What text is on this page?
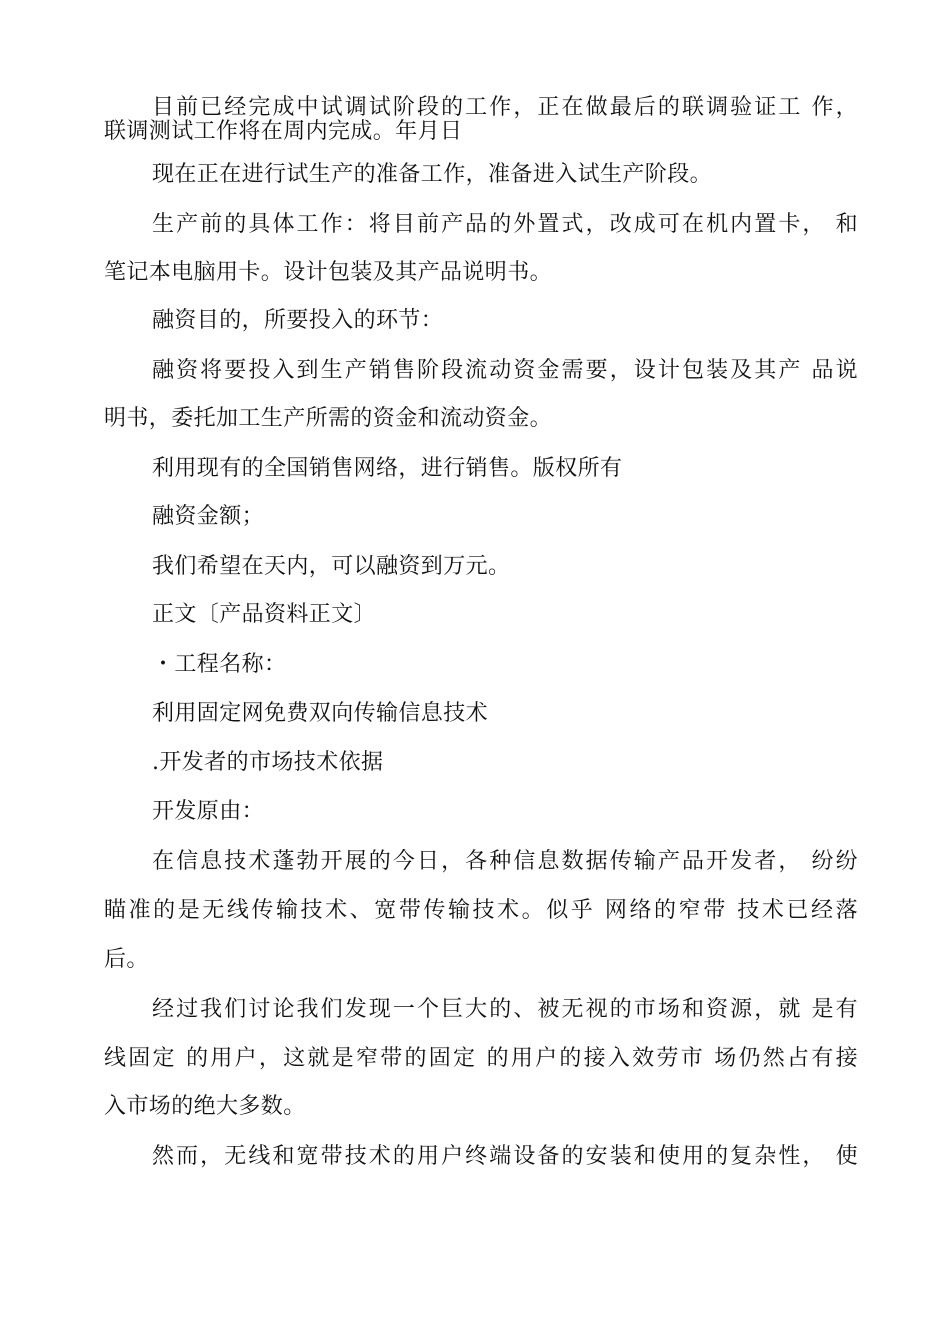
目前已经完成中试调试阶段的工作，正在做最后的联调验证工 作，
联调测试工作将在周内完成。年月日
现在正在进行试生产的准备工作，准备进入试生产阶段。
生产前的具体工作：将目前产品的外置式，改成可在机内置卡， 和
笔记本电脑用卡。设计包装及其产品说明书。
融资目的，所要投入的环节：
融资将要投入到生产销售阶段流动资金需要，设计包装及其产 品说
明书，委托加工生产所需的资金和流动资金。
利用现有的全国销售网络，进行销售。版权所有
融资金额；
我们希望在天内，可以融资到万元。
正文〔产品资料正文〕
・工程名称：
利用固定网免费双向传输信息技术
.开发者的市场技术依据
开发原由：
在信息技术蓬勃开展的今日，各种信息数据传输产品开发者， 纷纷
瞄准的是无线传输技术、宽带传输技术。似乎 网络的窄带 技术已经落
后。
经过我们讨论我们发现一个巨大的、被无视的市场和资源，就 是有
线固定 的用户，这就是窄带的固定 的用户的接入效劳市 场仍然占有接
入市场的绝大多数。
然而，无线和宽带技术的用户终端设备的安装和使用的复杂性， 使
